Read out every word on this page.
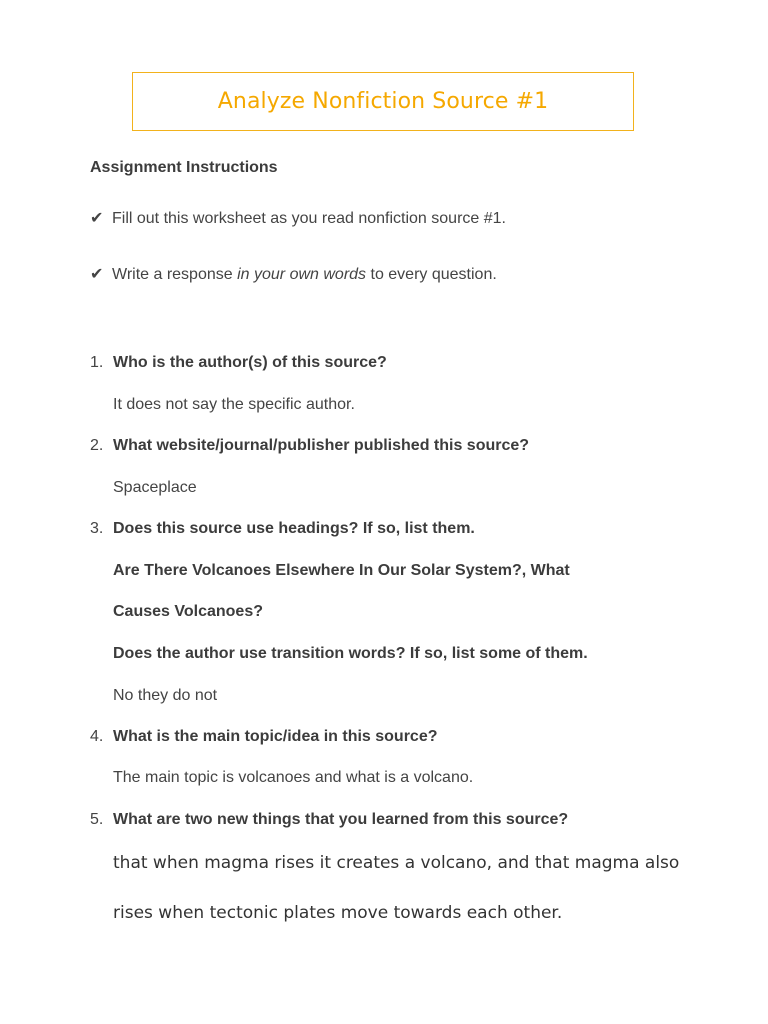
Analyze Nonfiction Source #1
Assignment Instructions
✔ Fill out this worksheet as you read nonfiction source #1.
✔ Write a response in your own words to every question.
1. Who is the author(s) of this source?
It does not say the specific author.
2. What website/journal/publisher published this source?
Spaceplace
3. Does this source use headings? If so, list them.
Are There Volcanoes Elsewhere In Our Solar System?, What
Causes Volcanoes?
Does the author use transition words? If so, list some of them.
No they do not
4. What is the main topic/idea in this source?
The main topic is volcanoes and what is a volcano.
5. What are two new things that you learned from this source?
that when magma rises it creates a volcano, and that magma also
rises when tectonic plates move towards each other.
